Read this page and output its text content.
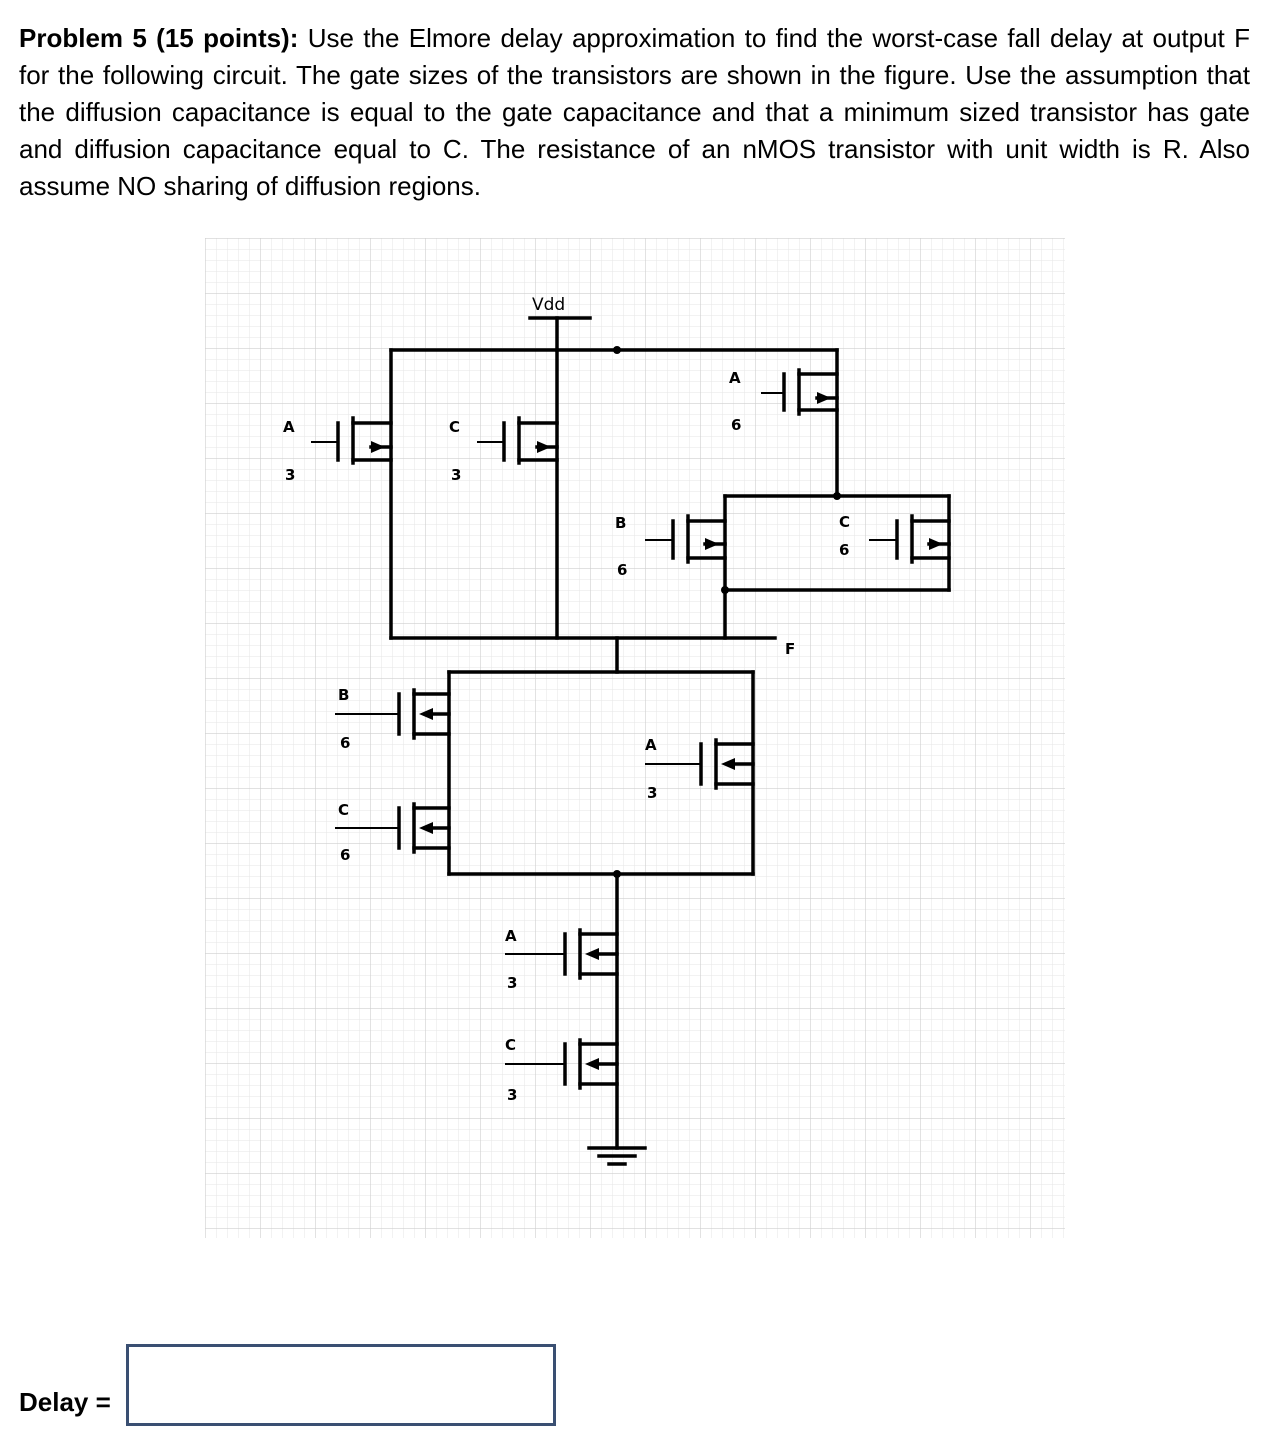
Problem 5 (15 points): Use the Elmore delay approximation to find the worst-case fall delay at output F for the following circuit. The gate sizes of the transistors are shown in the figure. Use the assumption that the diffusion capacitance is equal to the gate capacitance and that a minimum sized transistor has gate and diffusion capacitance equal to C. The resistance of an nMOS transistor with unit width is R. Also assume NO sharing of diffusion regions.

Vdd
A
3
C
3
A
6
B
6
C
6
F
B
6
C
6
A
3
A
3
C
3
Delay =
